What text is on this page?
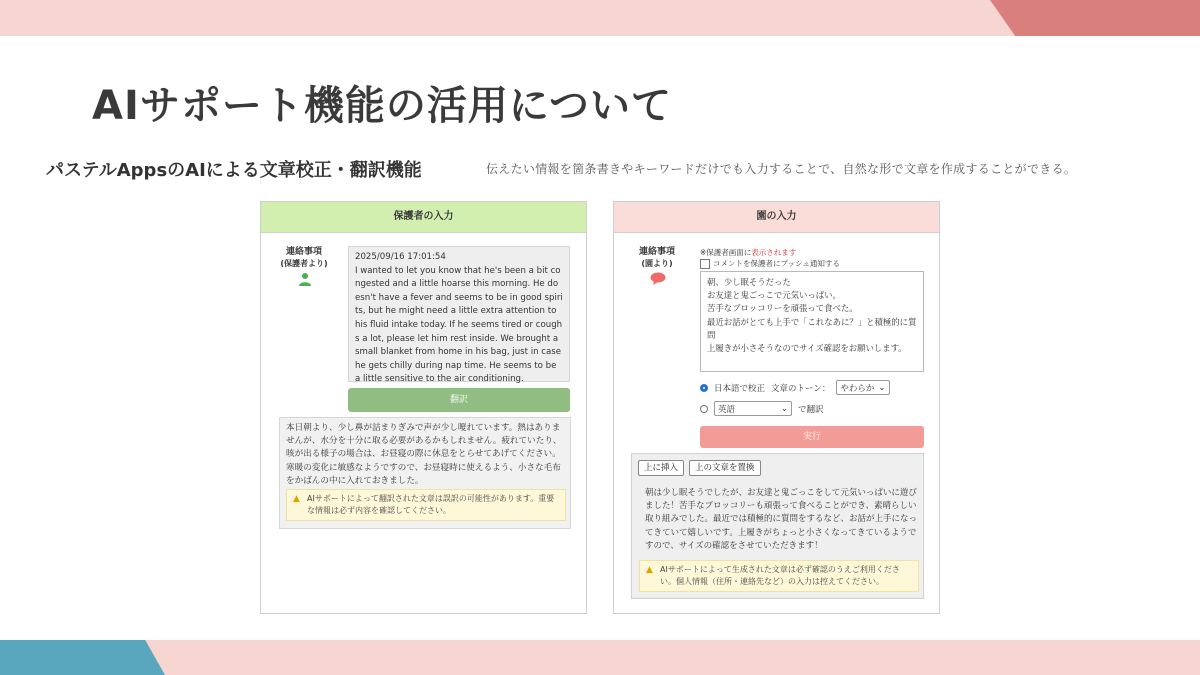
AIサポート機能の活用について
パステルAppsのAIによる文章校正・翻訳機能	伝えたい情報を箇条書きやキーワードだけでも入力することで、自然な形で文章を作成することができる。
保護者の入力
連絡事項
(保護者より)
2025/09/16 17:01:54
I wanted to let you know that he's been a bit congested and a little hoarse this morning. He doesn't have a fever and seems to be in good spirits, but he might need a little extra attention to his fluid intake today. If he seems tired or coughs a lot, please let him rest inside. We brought a small blanket from home in his bag, just in case he gets chilly during nap time. He seems to be a little sensitive to the air conditioning.
翻訳
本日朝より、少し鼻が詰まりぎみで声が少し嗄れています。熱はありませんが、水分を十分に取る必要があるかもしれません。疲れていたり、咳が出る様子の場合は、お昼寝の際に休息をとらせてあげてください。寒暖の変化に敏感なようですので、お昼寝時に使えるよう、小さな毛布をかばんの中に入れておきました。
▲ AIサポートによって翻訳された文章は誤訳の可能性があります。重要な情報は必ず内容を確認してください。
園の入力
連絡事項
(園より)
※保護者画面に表示されます
コメントを保護者にプッシュ通知する
朝、少し眠そうだった
お友達と鬼ごっこで元気いっぱい。
苦手なブロッコリーを頑張って食べた。
最近お話がとても上手で「これなあに？」と積極的に質問
上履きが小さそうなのでサイズ確認をお願いします。
日本語で校正 文章のトーン： やわらか ⌄
英語	⌄ で翻訳
実行
上に挿入	上の文章を置換
朝は少し眠そうでしたが、お友達と鬼ごっこをして元気いっぱいに遊びました！苦手なブロッコリーも頑張って食べることができ、素晴らしい取り組みでした。最近では積極的に質問をするなど、お話が上手になってきていて嬉しいです。上履きがちょっと小さくなってきているようですので、サイズの確認をさせていただきます！
▲ AIサポートによって生成された文章は必ず確認のうえご利用ください。個人情報（住所・連絡先など）の入力は控えてください。
